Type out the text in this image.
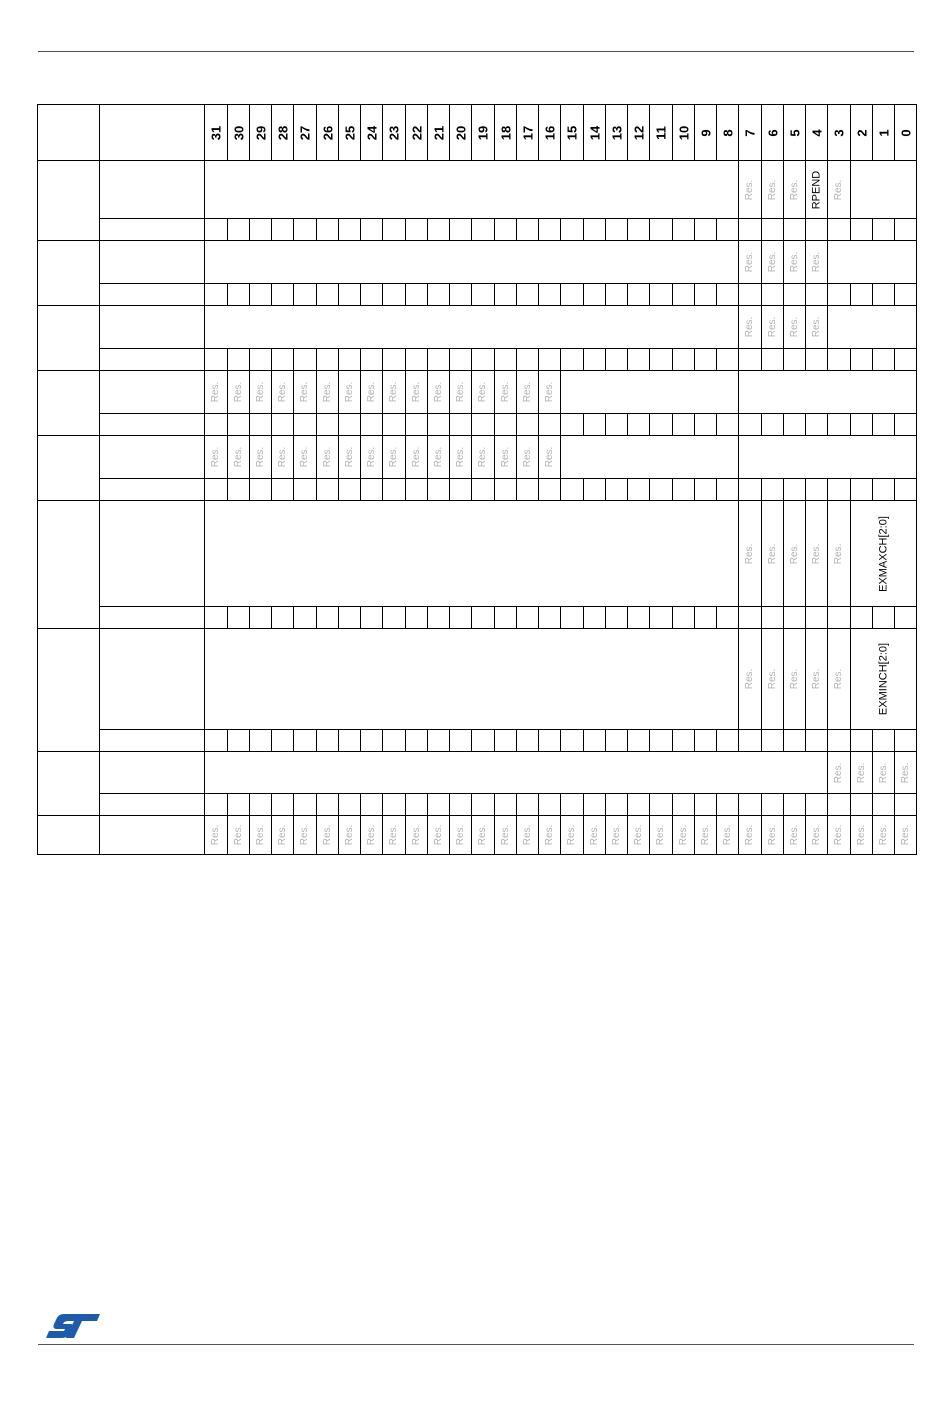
		31	30	29	28	27	26	25	24	23	22	21	20	19	18	17	16	15	14	13	12	11	10	9	8	7	6	5	4	3	2	1	0

																										Res.	Res.	Res.	RPEND	Res.			

																										Res.	Res.	Res.	Res.				

																										Res.	Res.	Res.	Res.				

		Res.	Res.	Res.	Res.	Res.	Res.	Res.	Res.	Res.	Res.	Res.	Res.	Res.	Res.	Res.	Res.																

		Res.	Res.	Res.	Res.	Res.	Res.	Res.	Res.	Res.	Res.	Res.	Res.	Res.	Res.	Res.	Res.																

																										Res.	Res.	Res.	Res.	Res.	EXMAXCH[2:0]		

																										Res.	Res.	Res.	Res.	Res.	EXMINCH[2:0]		

																														Res.	Res.	Res.	Res.

		Res.	Res.	Res.	Res.	Res.	Res.	Res.	Res.	Res.	Res.	Res.	Res.	Res.	Res.	Res.	Res.	Res.	Res.	Res.	Res.	Res.	Res.	Res.	Res.	Res.	Res.	Res.	Res.	Res.	Res.	Res.	Res.
